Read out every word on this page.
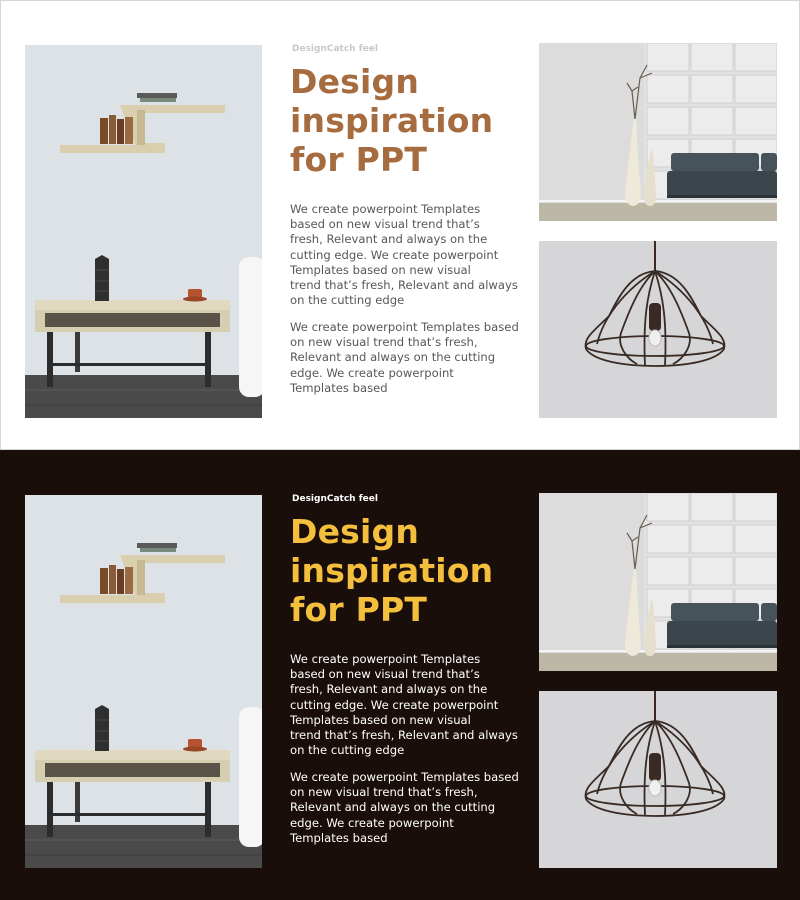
DesignCatch feel
Design inspiration for PPT
We create powerpoint Templates
based on new visual trend that’s
fresh, Relevant and always on the
cutting edge. We create powerpoint
Templates based on new visual
trend that’s fresh, Relevant and always
on the cutting edge
We create powerpoint Templates based
on new visual trend that’s fresh,
Relevant and always on the cutting
edge. We create powerpoint
Templates based
DesignCatch feel
Design inspiration for PPT
We create powerpoint Templates
based on new visual trend that’s
fresh, Relevant and always on the
cutting edge. We create powerpoint
Templates based on new visual
trend that’s fresh, Relevant and always
on the cutting edge
We create powerpoint Templates based
on new visual trend that’s fresh,
Relevant and always on the cutting
edge. We create powerpoint
Templates based
